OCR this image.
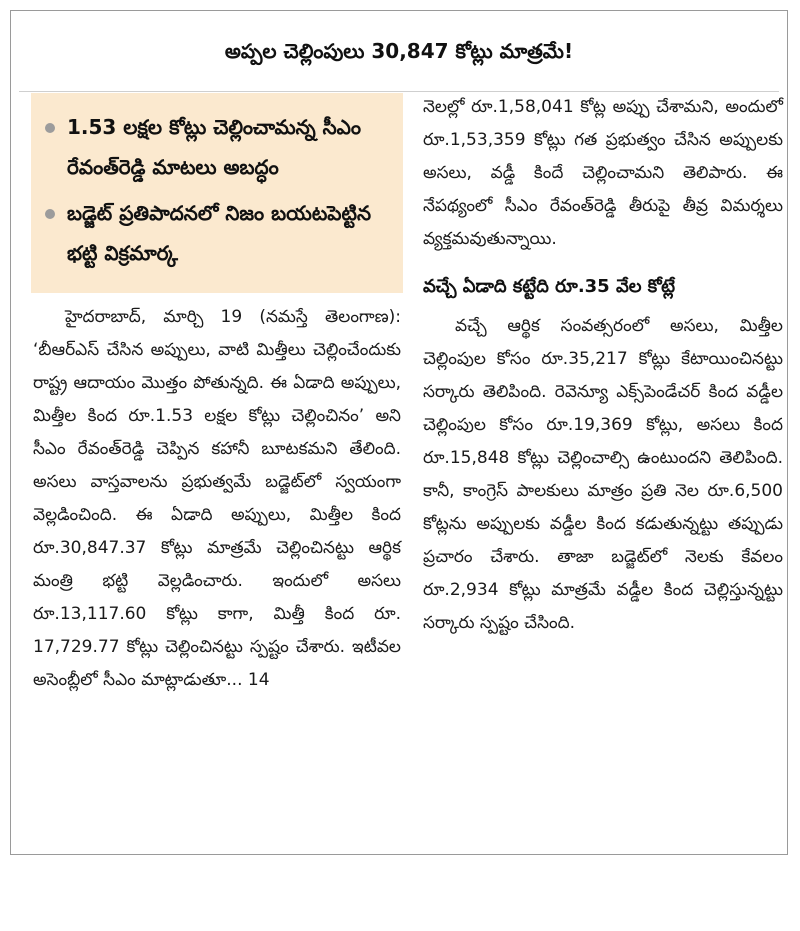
అప్పల చెల్లింపులు 30,847 కోట్లు మాత్రమే!
1.53 లక్షల కోట్లు చెల్లించామన్న సీఎం రేవంత్‌రెడ్డి మాటలు అబద్ధం
బడ్జెట్ ప్రతిపాదనలో నిజం బయటపెట్టిన భట్టి విక్రమార్క

హైదరాబాద్, మార్చి 19 (నమస్తే తెలంగాణ): ‘బీఆర్ఎస్ చేసిన అప్పులు, వాటి మిత్తీలు చెల్లించేందుకు రాష్ట్ర ఆదాయం మొత్తం పోతున్నది. ఈ ఏడాది అప్పులు, మిత్తీల కింద రూ.1.53 లక్షల కోట్లు చెల్లించినం’ అని సీఎం రేవంత్‌రెడ్డి చెప్పిన కహానీ బూటకమని తేలింది. అసలు వాస్తవాలను ప్రభుత్వమే బడ్జెట్‌లో స్వయంగా వెల్లడించింది. ఈ ఏడాది అప్పులు, మిత్తీల కింద రూ.30,847.37 కోట్లు మాత్రమే చెల్లించినట్టు ఆర్థిక మంత్రి భట్టి వెల్లడించారు. ఇందులో అసలు రూ.13,117.60 కోట్లు కాగా, మిత్తీ కింద రూ. 17,729.77 కోట్లు చెల్లించినట్టు స్పష్టం చేశారు. ఇటీవల అసెంబ్లీలో సీఎం మాట్లాడుతూ... 14

నెలల్లో రూ.1,58,041 కోట్ల అప్పు చేశామని, అందులో రూ.1,53,359 కోట్లు గత ప్రభుత్వం చేసిన అప్పులకు అసలు, వడ్డీ కిందే చెల్లించామని తెలిపారు. ఈ నేపథ్యంలో సీఎం రేవంత్‌రెడ్డి తీరుపై తీవ్ర విమర్శలు వ్యక్తమవుతున్నాయి.

వచ్చే ఏడాది కట్టేది రూ.35 వేల కోట్లే

వచ్చే ఆర్థిక సంవత్సరంలో అసలు, మిత్తీల చెల్లింపుల కోసం రూ.35,217 కోట్లు కేటాయించినట్టు సర్కారు తెలిపింది. రెవెన్యూ ఎక్స్‌పెండేచర్ కింద వడ్డీల చెల్లింపుల కోసం రూ.19,369 కోట్లు, అసలు కింద రూ.15,848 కోట్లు చెల్లించాల్సి ఉంటుందని తెలిపింది. కానీ, కాంగ్రెస్ పాలకులు మాత్రం ప్రతి నెల రూ.6,500 కోట్లను అప్పులకు వడ్డీల కింద కడుతున్నట్టు తప్పుడు ప్రచారం చేశారు. తాజా బడ్జెట్‌లో నెలకు కేవలం రూ.2,934 కోట్లు మాత్రమే వడ్డీల కింద చెల్లిస్తున్నట్టు సర్కారు స్పష్టం చేసింది.
